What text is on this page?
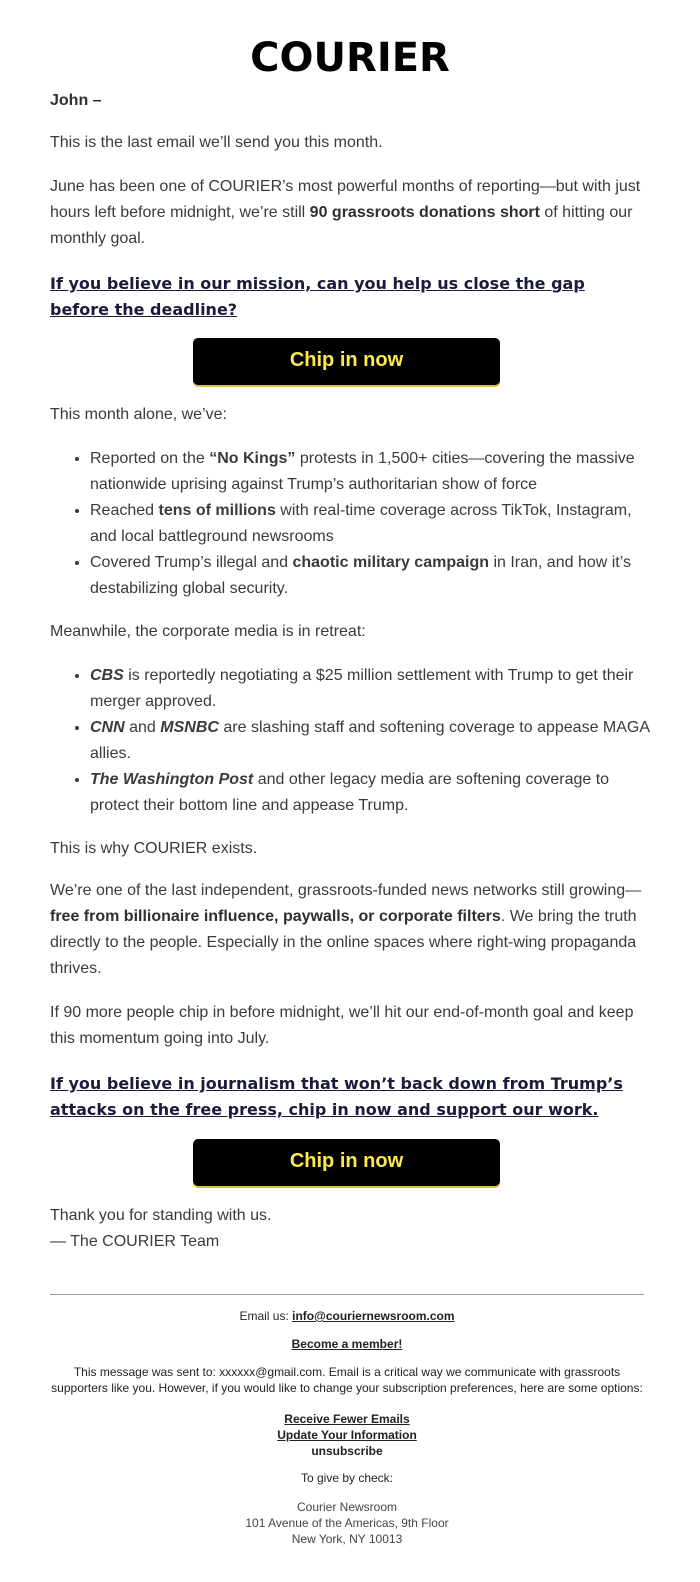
COURIER

John –

This is the last email we’ll send you this month.

June has been one of COURIER’s most powerful months of reporting—but with just hours left before midnight, we’re still 90 grassroots donations short of hitting our monthly goal.

If you believe in our mission, can you help us close the gap before the deadline?

Chip in now

This month alone, we’ve:

• Reported on the “No Kings” protests in 1,500+ cities—covering the massive nationwide uprising against Trump’s authoritarian show of force
• Reached tens of millions with real-time coverage across TikTok, Instagram, and local battleground newsrooms
• Covered Trump’s illegal and chaotic military campaign in Iran, and how it’s destabilizing global security.

Meanwhile, the corporate media is in retreat:

• CBS is reportedly negotiating a $25 million settlement with Trump to get their merger approved.
• CNN and MSNBC are slashing staff and softening coverage to appease MAGA allies.
• The Washington Post and other legacy media are softening coverage to protect their bottom line and appease Trump.

This is why COURIER exists.

We’re one of the last independent, grassroots-funded news networks still growing—free from billionaire influence, paywalls, or corporate filters. We bring the truth directly to the people. Especially in the online spaces where right-wing propaganda thrives.

If 90 more people chip in before midnight, we’ll hit our end-of-month goal and keep this momentum going into July.

If you believe in journalism that won’t back down from Trump’s attacks on the free press, chip in now and support our work.

Chip in now

Thank you for standing with us.

— The COURIER Team

Email us: info@couriernewsroom.com

Become a member!

This message was sent to: xxxxxx@gmail.com. Email is a critical way we communicate with grassroots supporters like you. However, if you would like to change your subscription preferences, here are some options:

Receive Fewer Emails

Update Your Information

unsubscribe

To give by check:

Courier Newsroom

101 Avenue of the Americas, 9th Floor

New York, NY 10013
